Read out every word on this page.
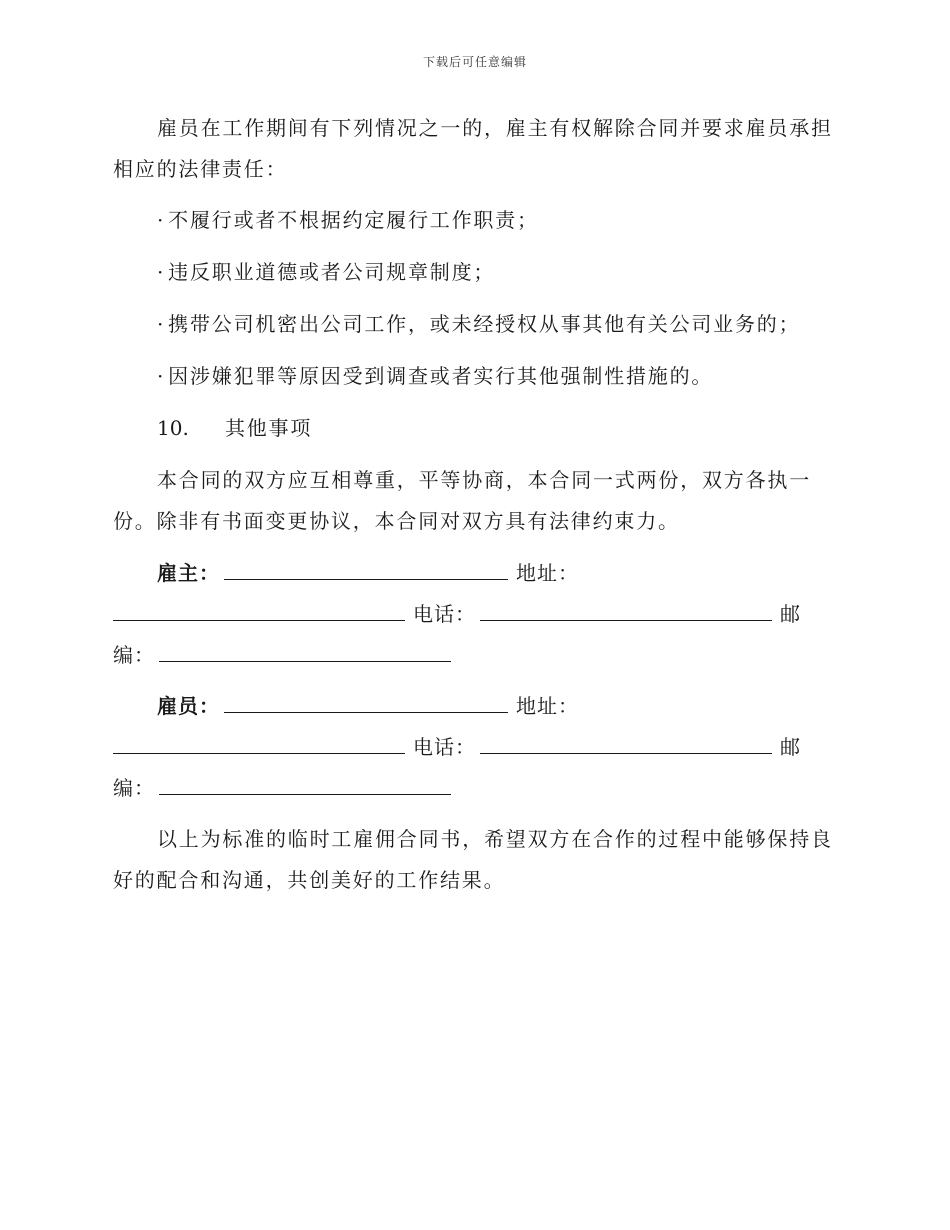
下载后可任意编辑

雇员在工作期间有下列情况之一的，雇主有权解除合同并要求雇员承担相应的法律责任：

· 不履行或者不根据约定履行工作职责；

· 违反职业道德或者公司规章制度；

· 携带公司机密出公司工作，或未经授权从事其他有关公司业务的；

· 因涉嫌犯罪等原因受到调查或者实行其他强制性措施的。

10. 其他事项

本合同的双方应互相尊重，平等协商，本合同一式两份，双方各执一份。除非有书面变更协议，本合同对双方具有法律约束力。

雇主：	地址：
电话：	邮
编：
雇员：	地址：
电话：	邮
编：

以上为标准的临时工雇佣合同书，希望双方在合作的过程中能够保持良好的配合和沟通，共创美好的工作结果。
